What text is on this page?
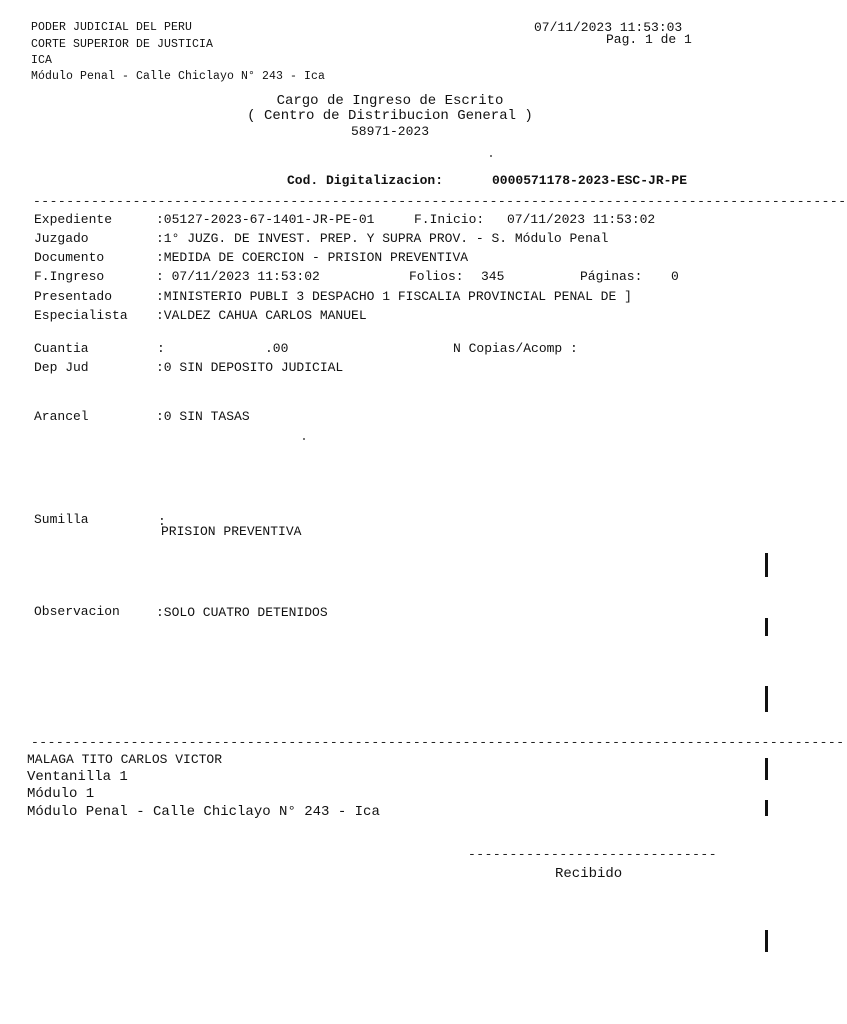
PODER JUDICIAL DEL PERU
CORTE SUPERIOR DE JUSTICIA
ICA
Módulo Penal - Calle Chiclayo N° 243 - Ica
07/11/2023 11:53:03
Pag. 1 de 1
Cargo de Ingreso de Escrito
( Centro de Distribucion General )
58971-2023
Cod. Digitalizacion:	0000571178-2023-ESC-JR-PE
--------------------------------------------------------------------------------------------------
Expediente	:05127-2023-67-1401-JR-PE-01	F.Inicio: 07/11/2023 11:53:02
Juzgado	:1° JUZG. DE INVEST. PREP. Y SUPRA PROV. - S. Módulo Penal
Documento	:MEDIDA DE COERCION - PRISION PREVENTIVA
F.Ingreso	: 07/11/2023 11:53:02	Folios: 345	Páginas: 0
Presentado	:MINISTERIO PUBLI 3 DESPACHO 1 FISCALIA PROVINCIAL PENAL DE ]
Especialista :VALDEZ CAHUA CARLOS MANUEL
Cuantia	:	.00	N Copias/Acomp :
Dep Jud	:0 SIN DEPOSITO JUDICIAL
Arancel	:0 SIN TASAS
Sumilla	:
PRISION PREVENTIVA
Observacion	:SOLO CUATRO DETENIDOS
--------------------------------------------------------------------------------------------------
MALAGA TITO CARLOS VICTOR
Ventanilla 1
Módulo 1
Módulo Penal - Calle Chiclayo N° 243 - Ica
------------------------------
Recibido
